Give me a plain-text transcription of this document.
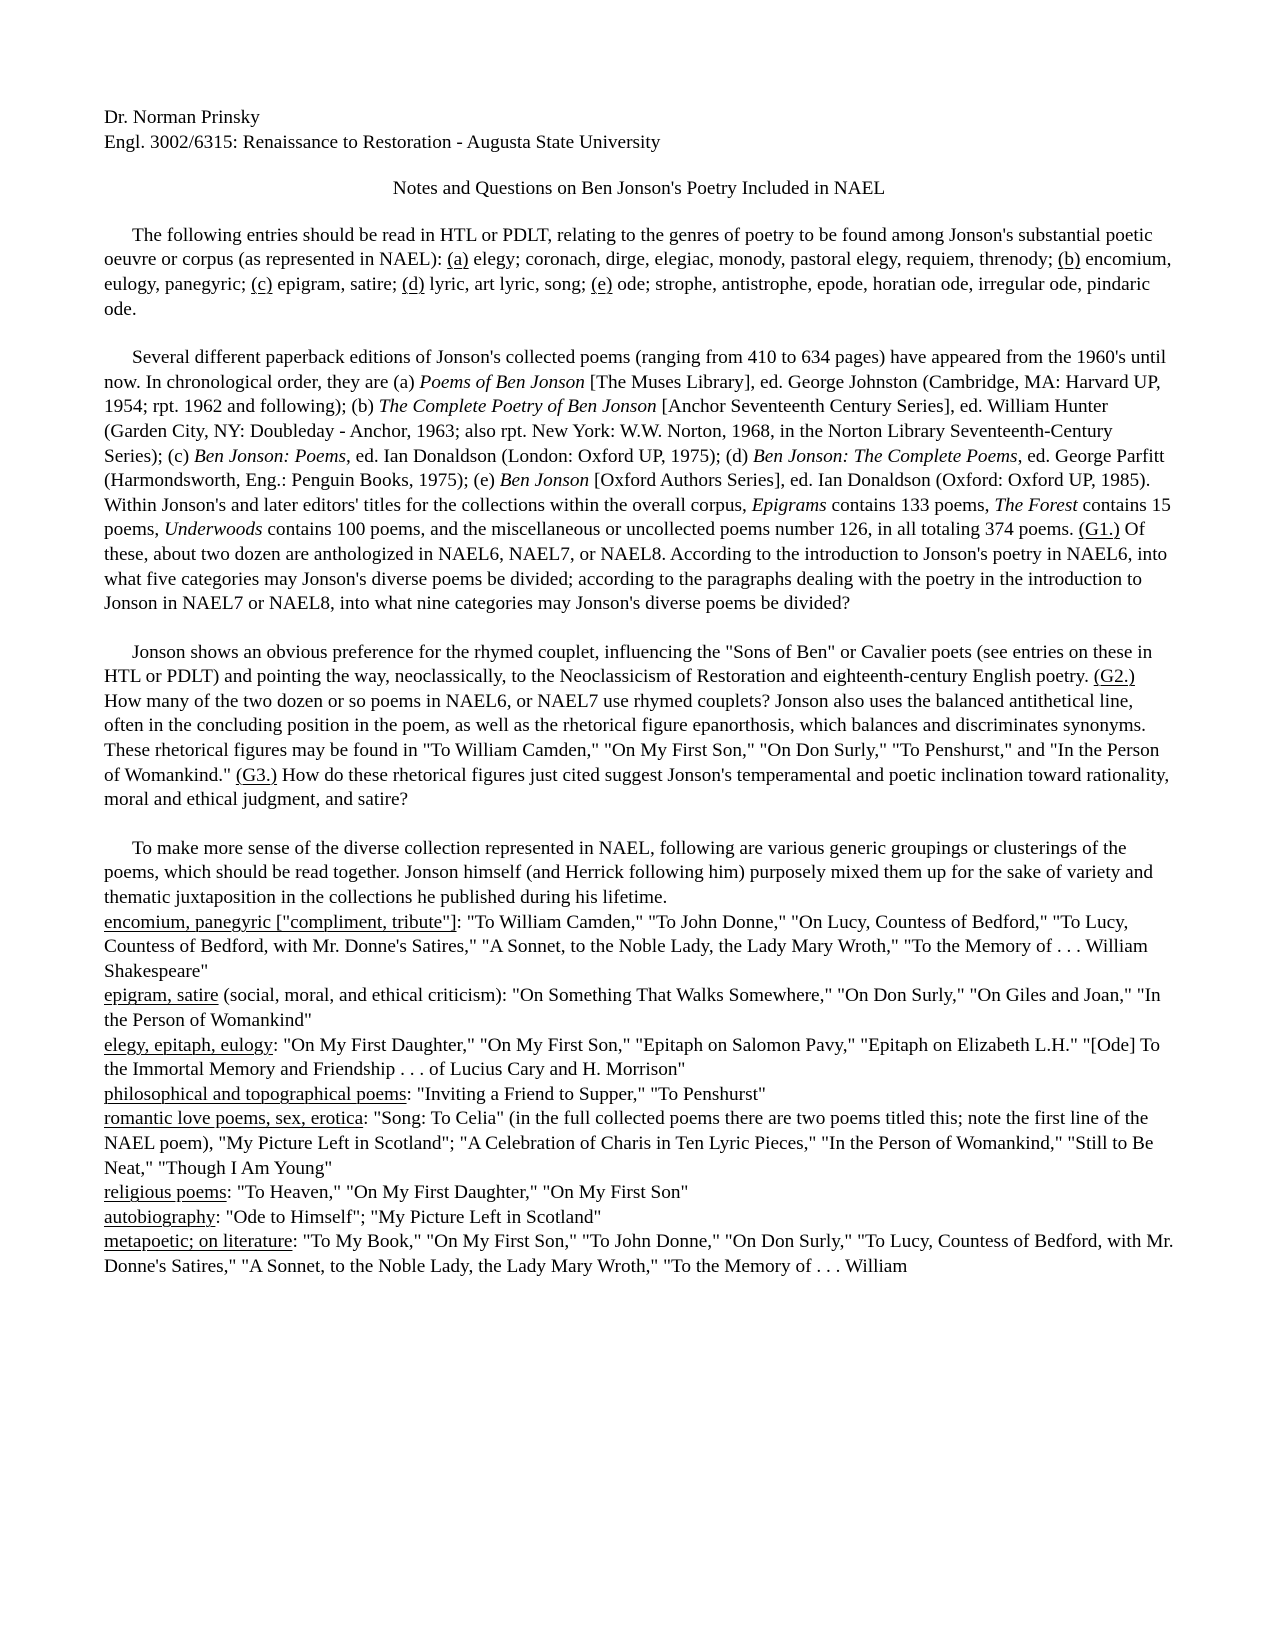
Dr. Norman Prinsky

Engl. 3002/6315: Renaissance to Restoration - Augusta State University

Notes and Questions on Ben Jonson's Poetry Included in NAEL

The following entries should be read in HTL or PDLT, relating to the genres of poetry to be found among Jonson's substantial poetic oeuvre or corpus (as represented in NAEL): (a) elegy; coronach, dirge, elegiac, monody, pastoral elegy, requiem, threnody; (b) encomium, eulogy, panegyric; (c) epigram, satire; (d) lyric, art lyric, song; (e) ode; strophe, antistrophe, epode, horatian ode, irregular ode, pindaric ode.

Several different paperback editions of Jonson's collected poems (ranging from 410 to 634 pages) have appeared from the 1960's until now. In chronological order, they are (a) Poems of Ben Jonson [The Muses Library], ed. George Johnston (Cambridge, MA: Harvard UP, 1954; rpt. 1962 and following); (b) The Complete Poetry of Ben Jonson [Anchor Seventeenth Century Series], ed. William Hunter (Garden City, NY: Doubleday - Anchor, 1963; also rpt. New York: W.W. Norton, 1968, in the Norton Library Seventeenth-Century Series); (c) Ben Jonson: Poems, ed. Ian Donaldson (London: Oxford UP, 1975); (d) Ben Jonson: The Complete Poems, ed. George Parfitt (Harmondsworth, Eng.: Penguin Books, 1975); (e) Ben Jonson [Oxford Authors Series], ed. Ian Donaldson (Oxford: Oxford UP, 1985). Within Jonson's and later editors' titles for the collections within the overall corpus, Epigrams contains 133 poems, The Forest contains 15 poems, Underwoods contains 100 poems, and the miscellaneous or uncollected poems number 126, in all totaling 374 poems. (G1.) Of these, about two dozen are anthologized in NAEL6, NAEL7, or NAEL8. According to the introduction to Jonson's poetry in NAEL6, into what five categories may Jonson's diverse poems be divided; according to the paragraphs dealing with the poetry in the introduction to Jonson in NAEL7 or NAEL8, into what nine categories may Jonson's diverse poems be divided?

Jonson shows an obvious preference for the rhymed couplet, influencing the "Sons of Ben" or Cavalier poets (see entries on these in HTL or PDLT) and pointing the way, neoclassically, to the Neoclassicism of Restoration and eighteenth-century English poetry. (G2.) How many of the two dozen or so poems in NAEL6, or NAEL7 use rhymed couplets? Jonson also uses the balanced antithetical line, often in the concluding position in the poem, as well as the rhetorical figure epanorthosis, which balances and discriminates synonyms. These rhetorical figures may be found in "To William Camden," "On My First Son," "On Don Surly," "To Penshurst," and "In the Person of Womankind." (G3.) How do these rhetorical figures just cited suggest Jonson's temperamental and poetic inclination toward rationality, moral and ethical judgment, and satire?

To make more sense of the diverse collection represented in NAEL, following are various generic groupings or clusterings of the poems, which should be read together. Jonson himself (and Herrick following him) purposely mixed them up for the sake of variety and thematic juxtaposition in the collections he published during his lifetime.

encomium, panegyric ["compliment, tribute"]: "To William Camden," "To John Donne," "On Lucy, Countess of Bedford," "To Lucy, Countess of Bedford, with Mr. Donne's Satires," "A Sonnet, to the Noble Lady, the Lady Mary Wroth," "To the Memory of . . . William Shakespeare"

epigram, satire (social, moral, and ethical criticism): "On Something That Walks Somewhere," "On Don Surly," "On Giles and Joan," "In the Person of Womankind"

elegy, epitaph, eulogy: "On My First Daughter," "On My First Son," "Epitaph on Salomon Pavy," "Epitaph on Elizabeth L.H." "[Ode] To the Immortal Memory and Friendship . . . of Lucius Cary and H. Morrison"

philosophical and topographical poems: "Inviting a Friend to Supper," "To Penshurst"

romantic love poems, sex, erotica: "Song: To Celia" (in the full collected poems there are two poems titled this; note the first line of the NAEL poem), "My Picture Left in Scotland"; "A Celebration of Charis in Ten Lyric Pieces," "In the Person of Womankind," "Still to Be Neat," "Though I Am Young"

religious poems: "To Heaven," "On My First Daughter," "On My First Son"

autobiography: "Ode to Himself"; "My Picture Left in Scotland"

metapoetic; on literature: "To My Book," "On My First Son," "To John Donne," "On Don Surly," "To Lucy, Countess of Bedford, with Mr. Donne's Satires," "A Sonnet, to the Noble Lady, the Lady Mary Wroth," "To the Memory of . . . William
